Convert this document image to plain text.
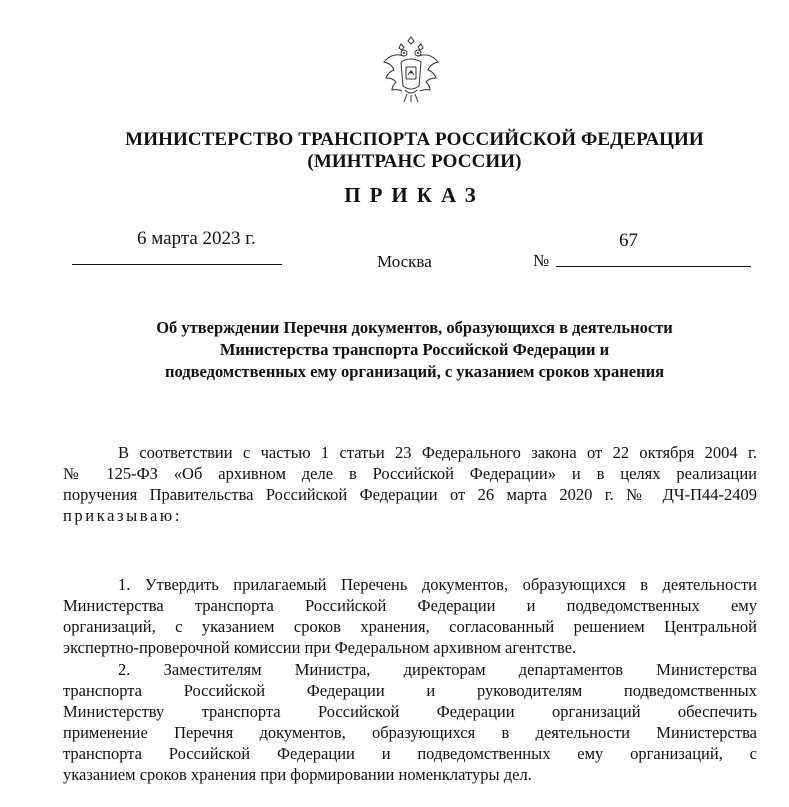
МИНИСТЕРСТВО ТРАНСПОРТА РОССИЙСКОЙ ФЕДЕРАЦИИ
(МИНТРАНС РОССИИ)
ПРИКАЗ
6 марта 2023 г.
Москва	№
67
Об утверждении Перечня документов, образующихся в деятельности
Министерства транспорта Российской Федерации и
подведомственных ему организаций, с указанием сроков хранения
В соответствии с частью 1 статьи 23 Федерального закона от 22 октября 2004 г.
№ 125-ФЗ «Об архивном деле в Российской Федерации» и в целях реализации
поручения Правительства Российской Федерации от 26 марта 2020 г. № ДЧ-П44-2409
приказываю:
1. Утвердить прилагаемый Перечень документов, образующихся в деятельности
Министерства транспорта Российской Федерации и подведомственных ему
организаций, с указанием сроков хранения, согласованный решением Центральной
экспертно-проверочной комиссии при Федеральном архивном агентстве.
2. Заместителям Министра, директорам департаментов Министерства
транспорта Российской Федерации и руководителям подведомственных
Министерству транспорта Российской Федерации организаций обеспечить
применение Перечня документов, образующихся в деятельности Министерства
транспорта Российской Федерации и подведомственных ему организаций, с
указанием сроков хранения при формировании номенклатуры дел.
